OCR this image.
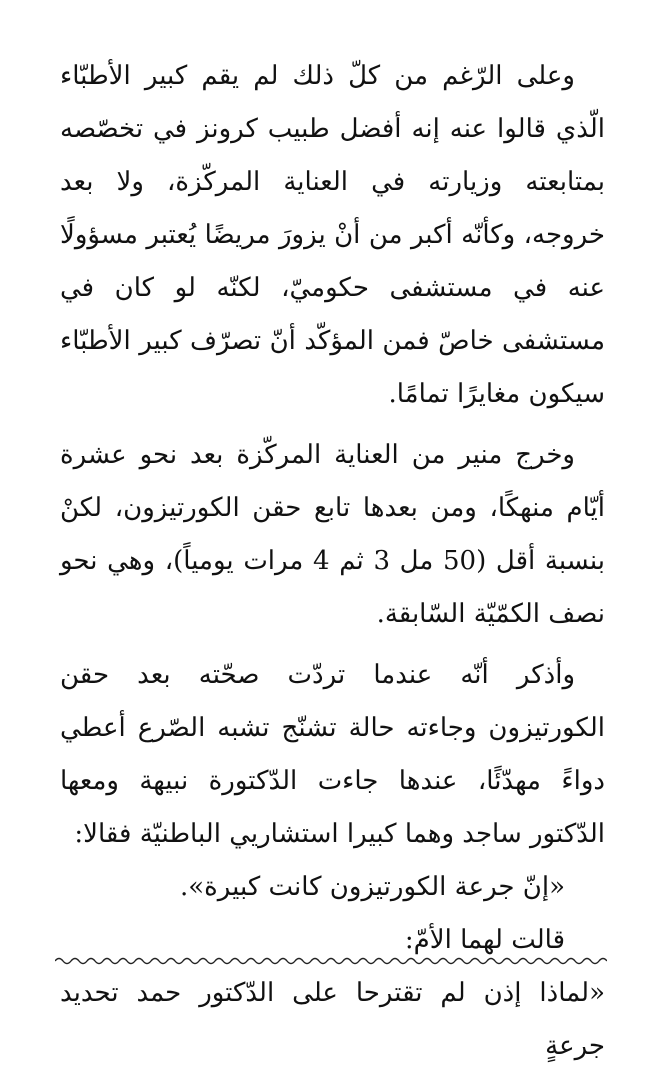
وعلى الرّغم من كلّ ذلك لم يقم كبير الأطبّاء الّذي قالوا عنه إنه أفضل طبيب كرونز في تخصّصه بمتابعته وزيارته في العناية المركّزة، ولا بعد خروجه، وكأنّه أكبر من أنْ يزورَ مريضًا يُعتبر مسؤولًا عنه في مستشفى حكوميّ، لكنّه لو كان في مستشفى خاصّ فمن المؤكّد أنّ تصرّف كبير الأطبّاء سيكون مغايرًا تمامًا.

وخرج منير من العناية المركّزة بعد نحو عشرة أيّام منهكًا، ومن بعدها تابع حقن الكورتيزون، لكنْ بنسبة أقل (50 مل 3 ثم 4 مرات يومياً)، وهي نحو نصف الكمّيّة السّابقة.

وأذكر أنّه عندما تردّت صحّته بعد حقن الكورتيزون وجاءته حالة تشنّج تشبه الصّرع أعطي دواءً مهدّئًا، عندها جاءت الدّكتورة نبيهة ومعها الدّكتور ساجد وهما كبيرا استشاريي الباطنيّة فقالا:

«إنّ جرعة الكورتيزون كانت كبيرة».

قالت لهما الأمّ:

«لماذا إذن لم تقترحا على الدّكتور حمد تحديد جرعةٍ
